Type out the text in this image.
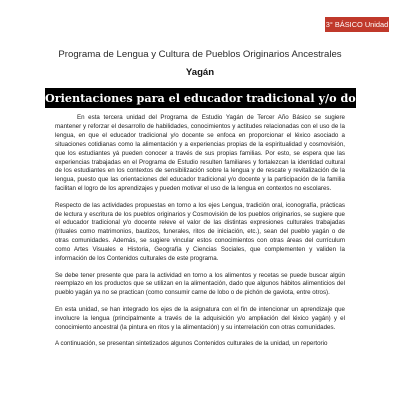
3° BÁSICO Unidad 3
Programa de Lengua y Cultura de Pueblos Originarios Ancestrales
Yagán
Orientaciones para el educador tradicional y/o docente

En esta tercera unidad del Programa de Estudio Yagán de Tercer Año Básico se sugiere mantener y reforzar el desarrollo de habilidades, conocimientos y actitudes relacionadas con el uso de la lengua, en que el educador tradicional y/o docente se enfoca en proporcionar el léxico asociado a situaciones cotidianas como la alimentación y a experiencias propias de la espiritualidad y cosmovisión, que los estudiantes yá pueden conocer a través de sus propias familias. Por esto, se espera que las experiencias trabajadas en el Programa de Estudio resulten familiares y fortalezcan la identidad cultural de los estudiantes en los contextos de sensibilización sobre la lengua y de rescate y revitalización de la lengua, puesto que las orientaciones del educador tradicional y/o docente y la participación de la familia facilitan el logro de los aprendizajes y pueden motivar el uso de la lengua en contextos no escolares.

Respecto de las actividades propuestas en torno a los ejes Lengua, tradición oral, iconografía, prácticas de lectura y escritura de los pueblos originarios y Cosmovisión de los pueblos originarios, se sugiere que el educador tradicional y/o docente releve el valor de las distintas expresiones culturales trabajadas (rituales como matrimonios, bautizos, funerales, ritos de iniciación, etc.), sean del pueblo yagán o de otras comunidades. Además, se sugiere vincular estos conocimientos con otras áreas del currículum como Artes Visuales e Historia, Geografía y Ciencias Sociales, que complementen y validen la información de los Contenidos culturales de este programa.

Se debe tener presente que para la actividad en torno a los alimentos y recetas se puede buscar algún reemplazo en los productos que se utilizan en la alimentación, dado que algunos hábitos alimenticios del pueblo yagán ya no se practican (como consumir carne de lobo o de pichón de gaviota, entre otros).

En esta unidad, se han integrado los ejes de la asignatura con el fin de intencionar un aprendizaje que involucre la lengua (principalmente a través de la adquisición y/o ampliación del léxico yagán) y el conocimiento ancestral (la pintura en ritos y la alimentación) y su interrelación con otras comunidades.

A continuación, se presentan sintetizados algunos Contenidos culturales de la unidad, un repertorio
